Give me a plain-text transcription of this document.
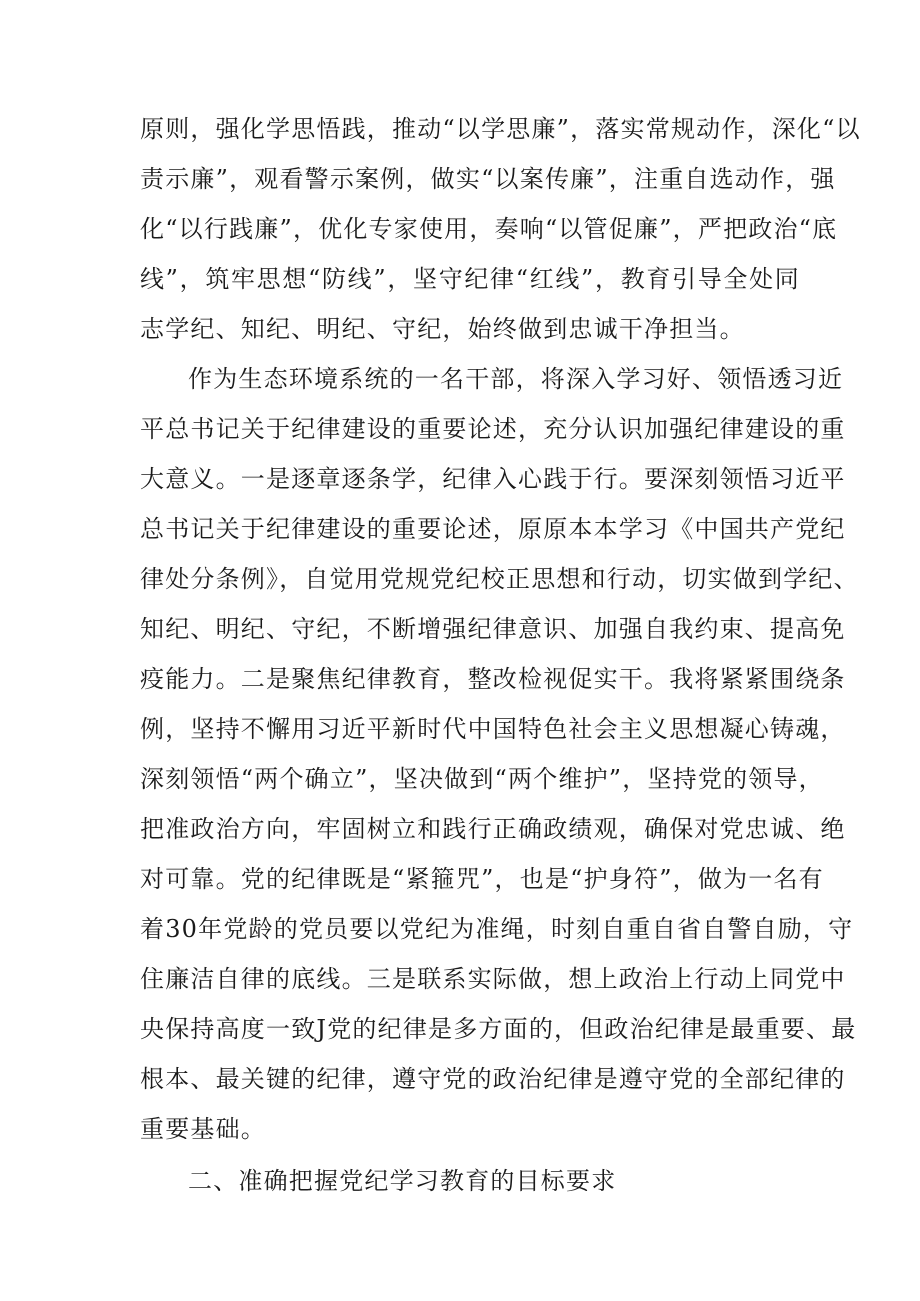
原则，强化学思悟践，推动“以学思廉”，落实常规动作，深化“以
责示廉”，观看警示案例，做实“以案传廉”，注重自选动作，强
化“以行践廉”，优化专家使用，奏响“以管促廉”，严把政治“底
线”，筑牢思想“防线”，坚守纪律“红线”，教育引导全处同
志学纪、知纪、明纪、守纪，始终做到忠诚干净担当。
作为生态环境系统的一名干部，将深入学习好、领悟透习近
平总书记关于纪律建设的重要论述，充分认识加强纪律建设的重
大意义。一是逐章逐条学，纪律入心践于行。要深刻领悟习近平
总书记关于纪律建设的重要论述，原原本本学习《中国共产党纪
律处分条例》，自觉用党规党纪校正思想和行动，切实做到学纪、
知纪、明纪、守纪，不断增强纪律意识、加强自我约束、提高免
疫能力。二是聚焦纪律教育，整改检视促实干。我将紧紧围绕条
例，坚持不懈用习近平新时代中国特色社会主义思想凝心铸魂，
深刻领悟“两个确立”，坚决做到“两个维护”，坚持党的领导，
把准政治方向，牢固树立和践行正确政绩观，确保对党忠诚、绝
对可靠。党的纪律既是“紧箍咒”，也是“护身符”，做为一名有
着30年党龄的党员要以党纪为准绳，时刻自重自省自警自励，守
住廉洁自律的底线。三是联系实际做，想上政治上行动上同党中
央保持高度一致J党的纪律是多方面的，但政治纪律是最重要、最
根本、最关键的纪律，遵守党的政治纪律是遵守党的全部纪律的
重要基础。
二、准确把握党纪学习教育的目标要求
